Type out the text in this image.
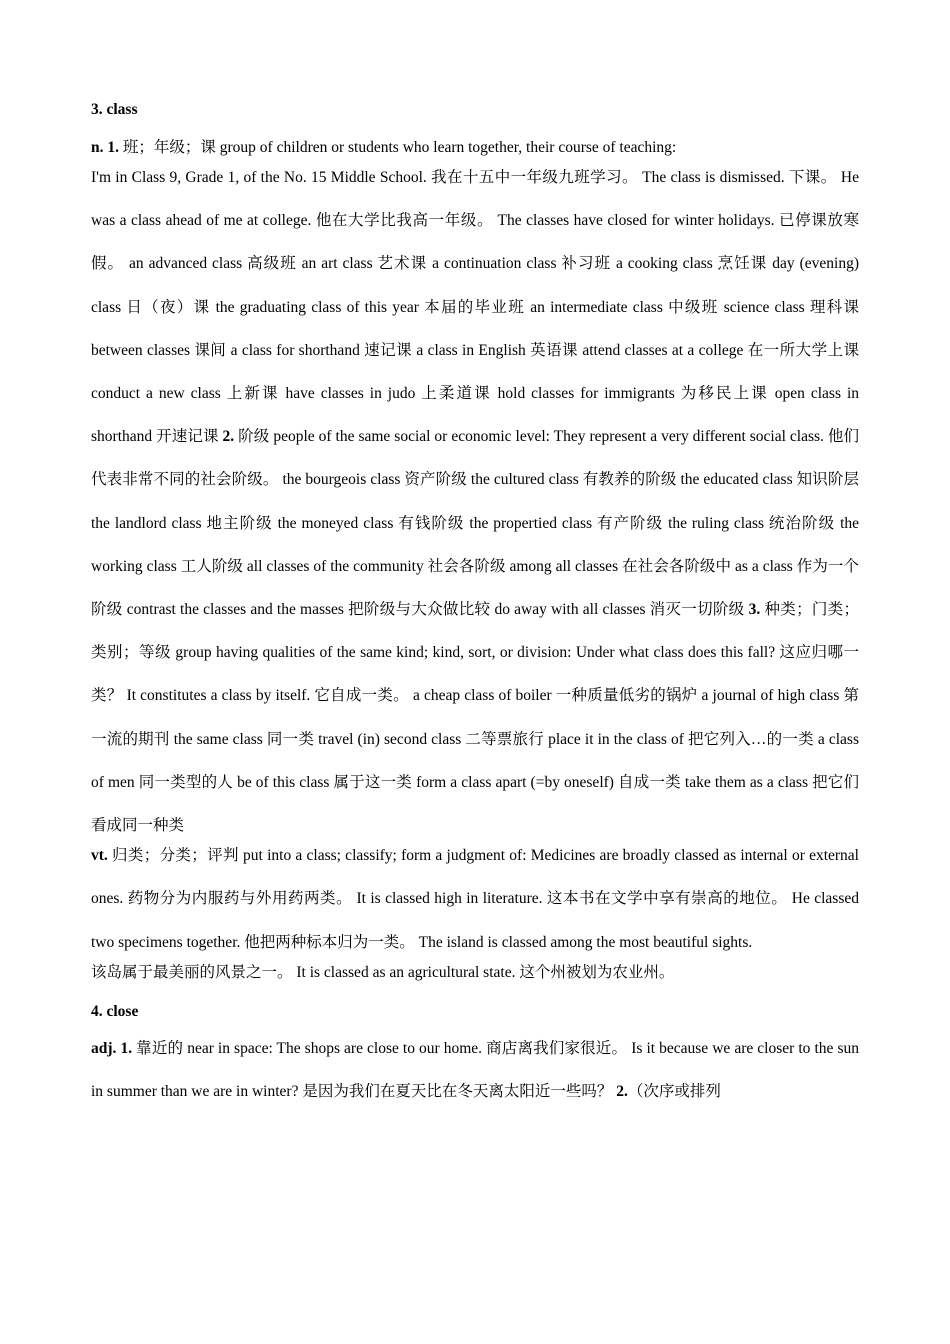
3. class
n. 1. 班；年级；课 group of children or students who learn together, their course of teaching:

I'm in Class 9, Grade 1, of the No. 15 Middle School. 我在十五中一年级九班学习。 The class is dismissed. 下课。 He was a class ahead of me at college. 他在大学比我高一年级。 The classes have closed for winter holidays. 已停课放寒假。 an advanced class 高级班 an art class 艺术课 a continuation class 补习班 a cooking class 烹饪课 day (evening) class 日（夜）课 the graduating class of this year 本届的毕业班 an intermediate class 中级班 science class 理科课 between classes 课间 a class for shorthand 速记课 a class in English 英语课 attend classes at a college 在一所大学上课 conduct a new class 上新课 have classes in judo 上柔道课 hold classes for immigrants 为移民上课 open class in shorthand 开速记课 2. 阶级 people of the same social or economic level: They represent a very different social class. 他们代表非常不同的社会阶级。 the bourgeois class 资产阶级 the cultured class 有教养的阶级 the educated class 知识阶层 the landlord class 地主阶级 the moneyed class 有钱阶级 the propertied class 有产阶级 the ruling class 统治阶级 the working class 工人阶级 all classes of the community 社会各阶级 among all classes 在社会各阶级中 as a class 作为一个阶级 contrast the classes and the masses 把阶级与大众做比较 do away with all classes 消灭一切阶级 3. 种类；门类；类别；等级 group having qualities of the same kind; kind, sort, or division: Under what class does this fall? 这应归哪一类？ It constitutes a class by itself. 它自成一类。 a cheap class of boiler 一种质量低劣的锅炉 a journal of high class 第一流的期刊 the same class 同一类 travel (in) second class 二等票旅行 place it in the class of 把它列入…的一类 a class of men 同一类型的人 be of this class 属于这一类 form a class apart (=by oneself) 自成一类 take them as a class 把它们看成同一种类

vt. 归类；分类；评判 put into a class; classify; form a judgment of: Medicines are broadly classed as internal or external ones. 药物分为内服药与外用药两类。 It is classed high in literature. 这本书在文学中享有崇高的地位。 He classed two specimens together. 他把两种标本归为一类。 The island is classed among the most beautiful sights.

该岛属于最美丽的风景之一。 It is classed as an agricultural state. 这个州被划为农业州。
4. close

adj. 1. 靠近的 near in space: The shops are close to our home. 商店离我们家很近。 Is it because we are closer to the sun in summer than we are in winter? 是因为我们在夏天比在冬天离太阳近一些吗？ 2.（次序或排列
